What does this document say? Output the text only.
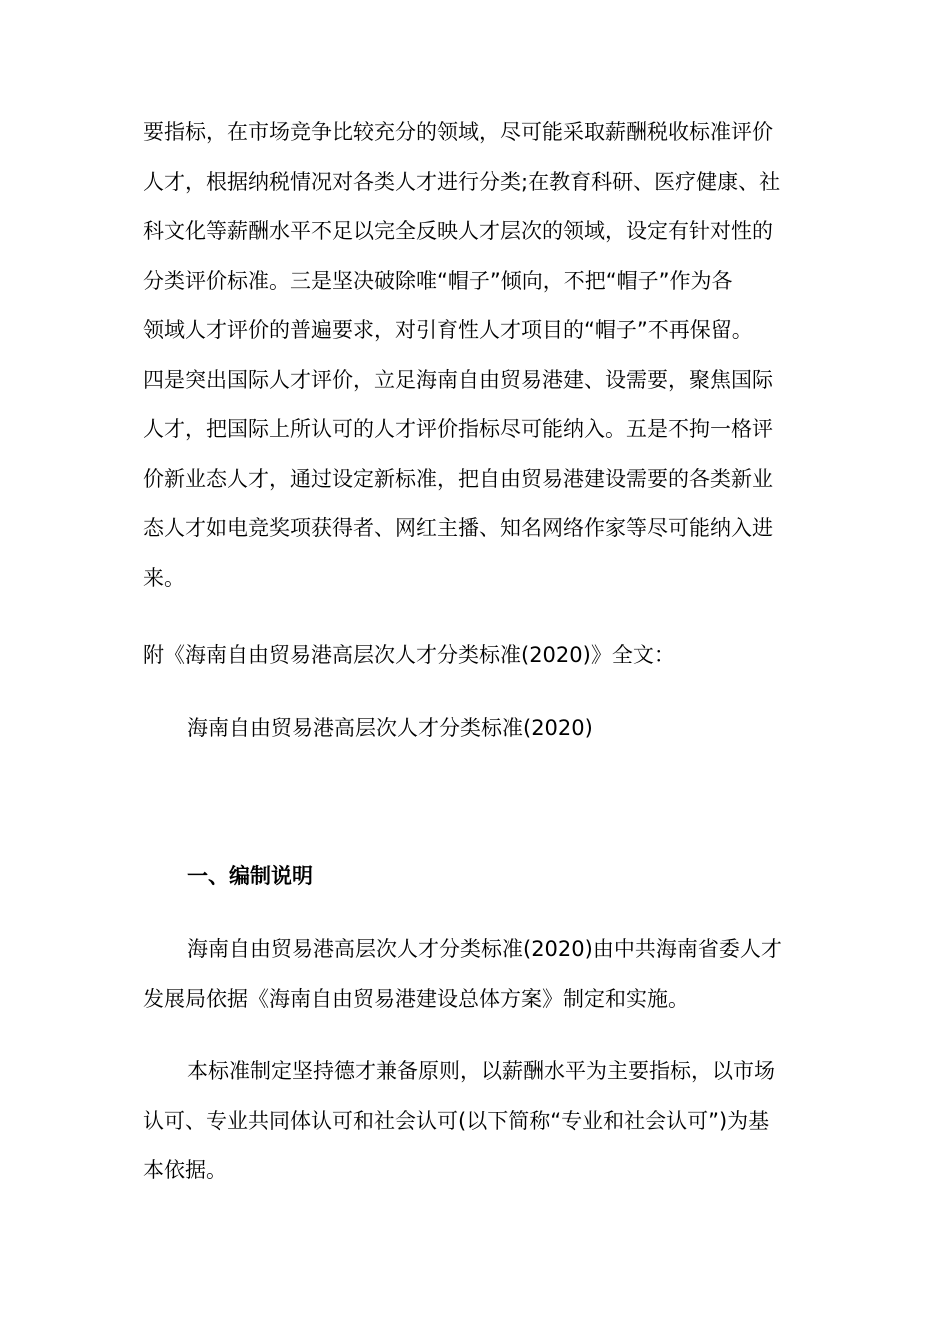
要指标，在市场竞争比较充分的领域，尽可能采取薪酬税收标准评价
人才，根据纳税情况对各类人才进行分类;在教育科研、医疗健康、社
科文化等薪酬水平不足以完全反映人才层次的领域，设定有针对性的
分类评价标准。三是坚决破除唯“帽子”倾向，不把“帽子”作为各
领域人才评价的普遍要求，对引育性人才项目的“帽子”不再保留。
四是突出国际人才评价，立足海南自由贸易港建、设需要，聚焦国际
人才，把国际上所认可的人才评价指标尽可能纳入。五是不拘一格评
价新业态人才，通过设定新标准，把自由贸易港建设需要的各类新业
态人才如电竞奖项获得者、网红主播、知名网络作家等尽可能纳入进
来。
附《海南自由贸易港高层次人才分类标准(2020)》全文：
海南自由贸易港高层次人才分类标准(2020)
一、编制说明
海南自由贸易港高层次人才分类标准(2020)由中共海南省委人才
发展局依据《海南自由贸易港建设总体方案》制定和实施。
本标准制定坚持德才兼备原则，以薪酬水平为主要指标，以市场
认可、专业共同体认可和社会认可(以下简称“专业和社会认可”)为基
本依据。
